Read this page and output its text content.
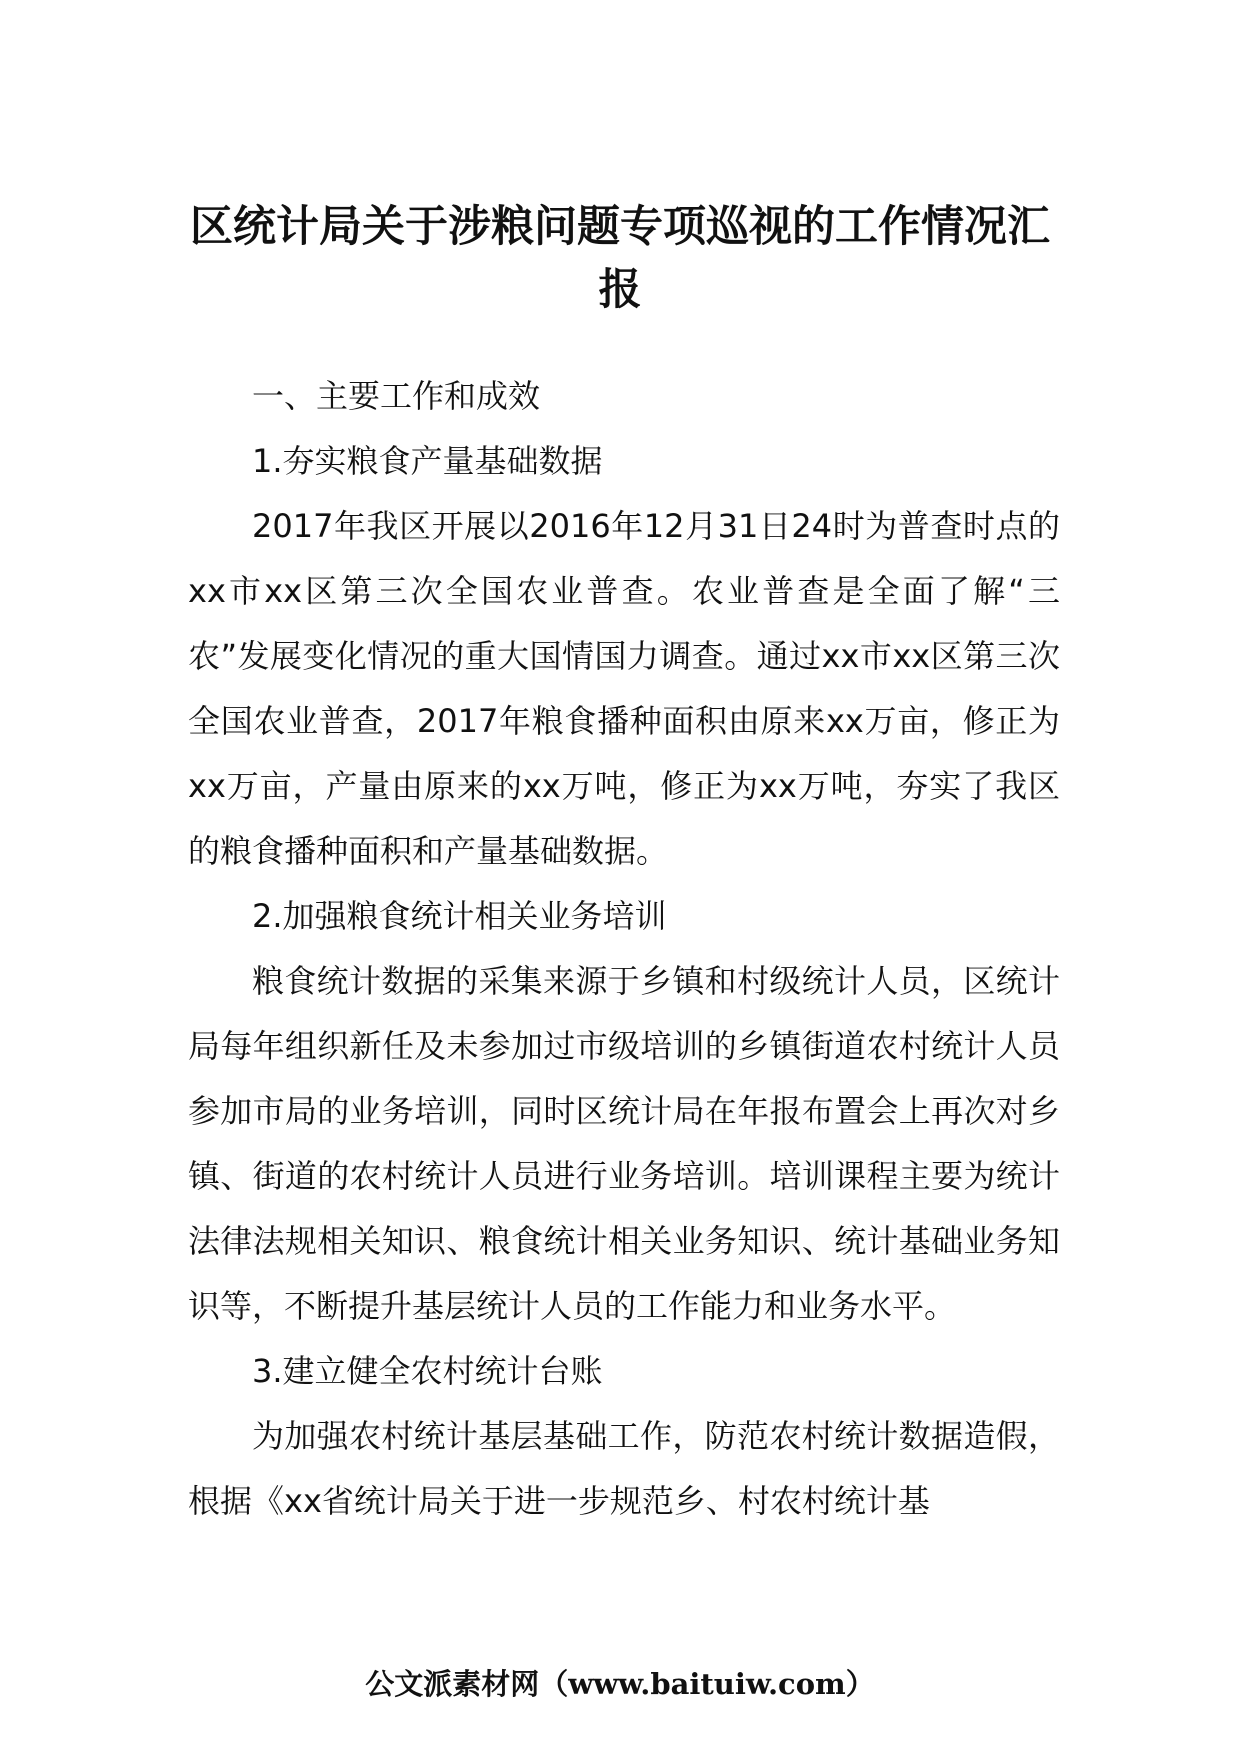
区统计局关于涉粮问题专项巡视的工作情况汇报

一、主要工作和成效

1.夯实粮食产量基础数据

2017年我区开展以2016年12月31日24时为普查时点的xx市xx区第三次全国农业普查。农业普查是全面了解“三农”发展变化情况的重大国情国力调查。通过xx市xx区第三次全国农业普查，2017年粮食播种面积由原来xx万亩，修正为xx万亩，产量由原来的xx万吨，修正为xx万吨，夯实了我区的粮食播种面积和产量基础数据。

2.加强粮食统计相关业务培训

粮食统计数据的采集来源于乡镇和村级统计人员，区统计局每年组织新任及未参加过市级培训的乡镇街道农村统计人员参加市局的业务培训，同时区统计局在年报布置会上再次对乡镇、街道的农村统计人员进行业务培训。培训课程主要为统计法律法规相关知识、粮食统计相关业务知识、统计基础业务知识等，不断提升基层统计人员的工作能力和业务水平。

3.建立健全农村统计台账

为加强农村统计基层基础工作，防范农村统计数据造假，根据《xx省统计局关于进一步规范乡、村农村统计基

公文派素材网（www.baituiw.com）
